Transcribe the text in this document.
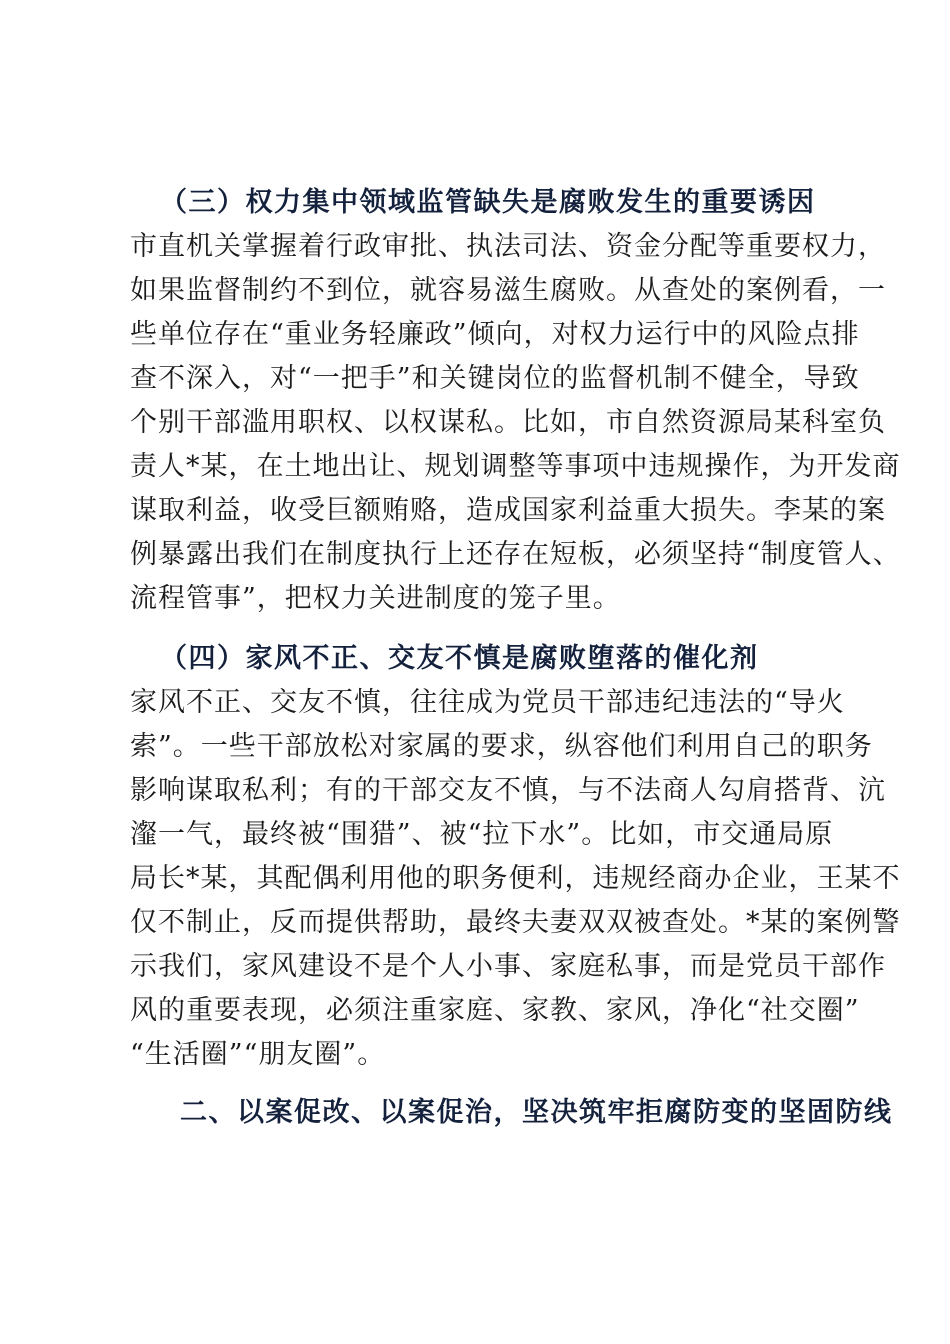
（三）权力集中领域监管缺失是腐败发生的重要诱因
市直机关掌握着行政审批、执法司法、资金分配等重要权力，
如果监督制约不到位，就容易滋生腐败。从查处的案例看，一
些单位存在“重业务轻廉政”倾向，对权力运行中的风险点排
查不深入，对“一把手”和关键岗位的监督机制不健全，导致
个别干部滥用职权、以权谋私。比如，市自然资源局某科室负
责人*某，在土地出让、规划调整等事项中违规操作，为开发商
谋取利益，收受巨额贿赂，造成国家利益重大损失。李某的案
例暴露出我们在制度执行上还存在短板，必须坚持“制度管人、
流程管事”，把权力关进制度的笼子里。
（四）家风不正、交友不慎是腐败堕落的催化剂
家风不正、交友不慎，往往成为党员干部违纪违法的“导火
索”。一些干部放松对家属的要求，纵容他们利用自己的职务
影响谋取私利；有的干部交友不慎，与不法商人勾肩搭背、沆
瀣一气，最终被“围猎”、被“拉下水”。比如，市交通局原
局长*某，其配偶利用他的职务便利，违规经商办企业，王某不
仅不制止，反而提供帮助，最终夫妻双双被查处。*某的案例警
示我们，家风建设不是个人小事、家庭私事，而是党员干部作
风的重要表现，必须注重家庭、家教、家风，净化“社交圈”
“生活圈”“朋友圈”。
二、以案促改、以案促治，坚决筑牢拒腐防变的坚固防线
